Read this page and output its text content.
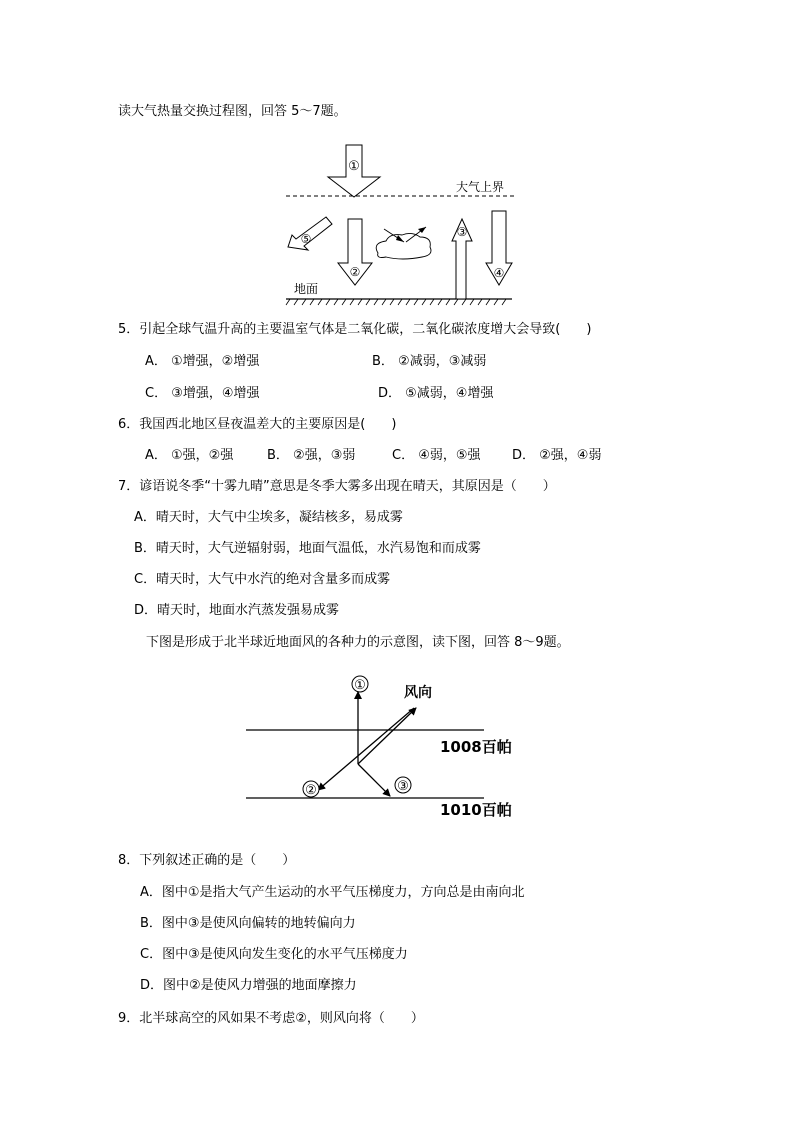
读大气热量交换过程图，回答 5～7题。
①
②
③
④
⑤
大气上界
地面
5．引起全球气温升高的主要温室气体是二氧化碳，二氧化碳浓度增大会导致(　　)
A． ①增强，②增强	B． ②减弱，③减弱
C． ③增强，④增强	D． ⑤减弱，④增强
6．我国西北地区昼夜温差大的主要原因是(　　)
A． ①强，②强	B． ②强，③弱	C． ④弱，⑤强 D． ②强，④弱
7．谚语说冬季“十雾九晴”意思是冬季大雾多出现在晴天，其原因是（　　）
A．晴天时，大气中尘埃多，凝结核多，易成雾
B．晴天时，大气逆辐射弱，地面气温低，水汽易饱和而成雾
C．晴天时，大气中水汽的绝对含量多而成雾
D．晴天时，地面水汽蒸发强易成雾
下图是形成于北半球近地面风的各种力的示意图，读下图，回答 8～9题。
①	风向
②	③
1008百帕
1010百帕
8．下列叙述正确的是（　　）
A．图中①是指大气产生运动的水平气压梯度力，方向总是由南向北
B．图中③是使风向偏转的地转偏向力
C．图中③是使风向发生变化的水平气压梯度力
D．图中②是使风力增强的地面摩擦力
9．北半球高空的风如果不考虑②，则风向将（　　）
